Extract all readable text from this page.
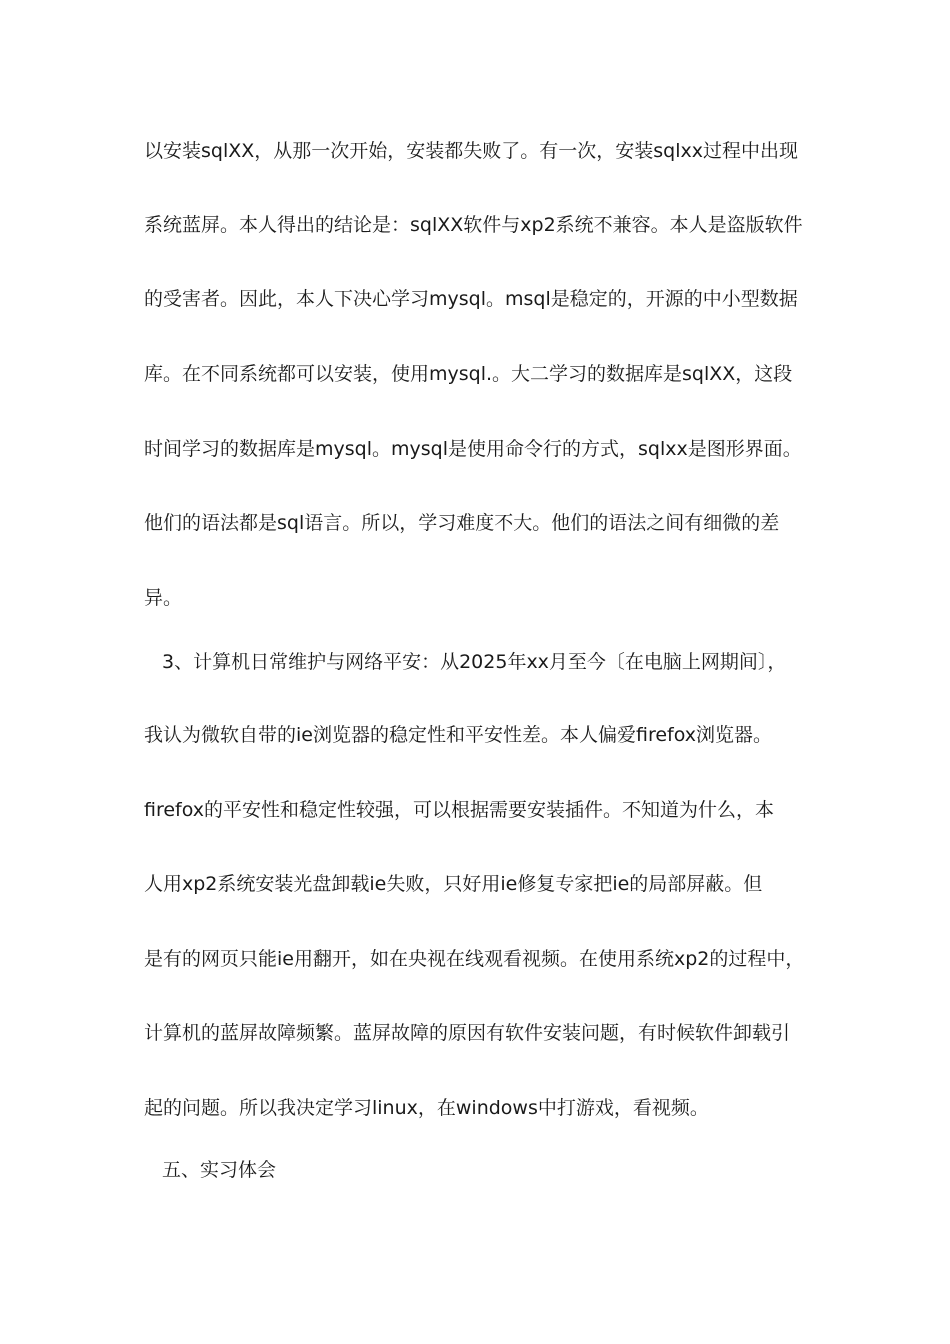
以安装sqlXX，从那一次开始，安装都失败了。有一次，安装sqlxx过程中出现
系统蓝屏。本人得出的结论是：sqlXX软件与xp2系统不兼容。本人是盗版软件
的受害者。因此，本人下决心学习mysql。msql是稳定的，开源的中小型数据
库。在不同系统都可以安装，使用mysql.。大二学习的数据库是sqlXX，这段
时间学习的数据库是mysql。mysql是使用命令行的方式，sqlxx是图形界面。
他们的语法都是sql语言。所以，学习难度不大。他们的语法之间有细微的差
异。
3、计算机日常维护与网络平安：从2025年xx月至今〔在电脑上网期间〕，
我认为微软自带的ie浏览器的稳定性和平安性差。本人偏爱firefox浏览器。
firefox的平安性和稳定性较强，可以根据需要安装插件。不知道为什么，本
人用xp2系统安装光盘卸载ie失败，只好用ie修复专家把ie的局部屏蔽。但
是有的网页只能ie用翻开，如在央视在线观看视频。在使用系统xp2的过程中，
计算机的蓝屏故障频繁。蓝屏故障的原因有软件安装问题，有时候软件卸载引
起的问题。所以我决定学习linux，在windows中打游戏，看视频。
五、实习体会
